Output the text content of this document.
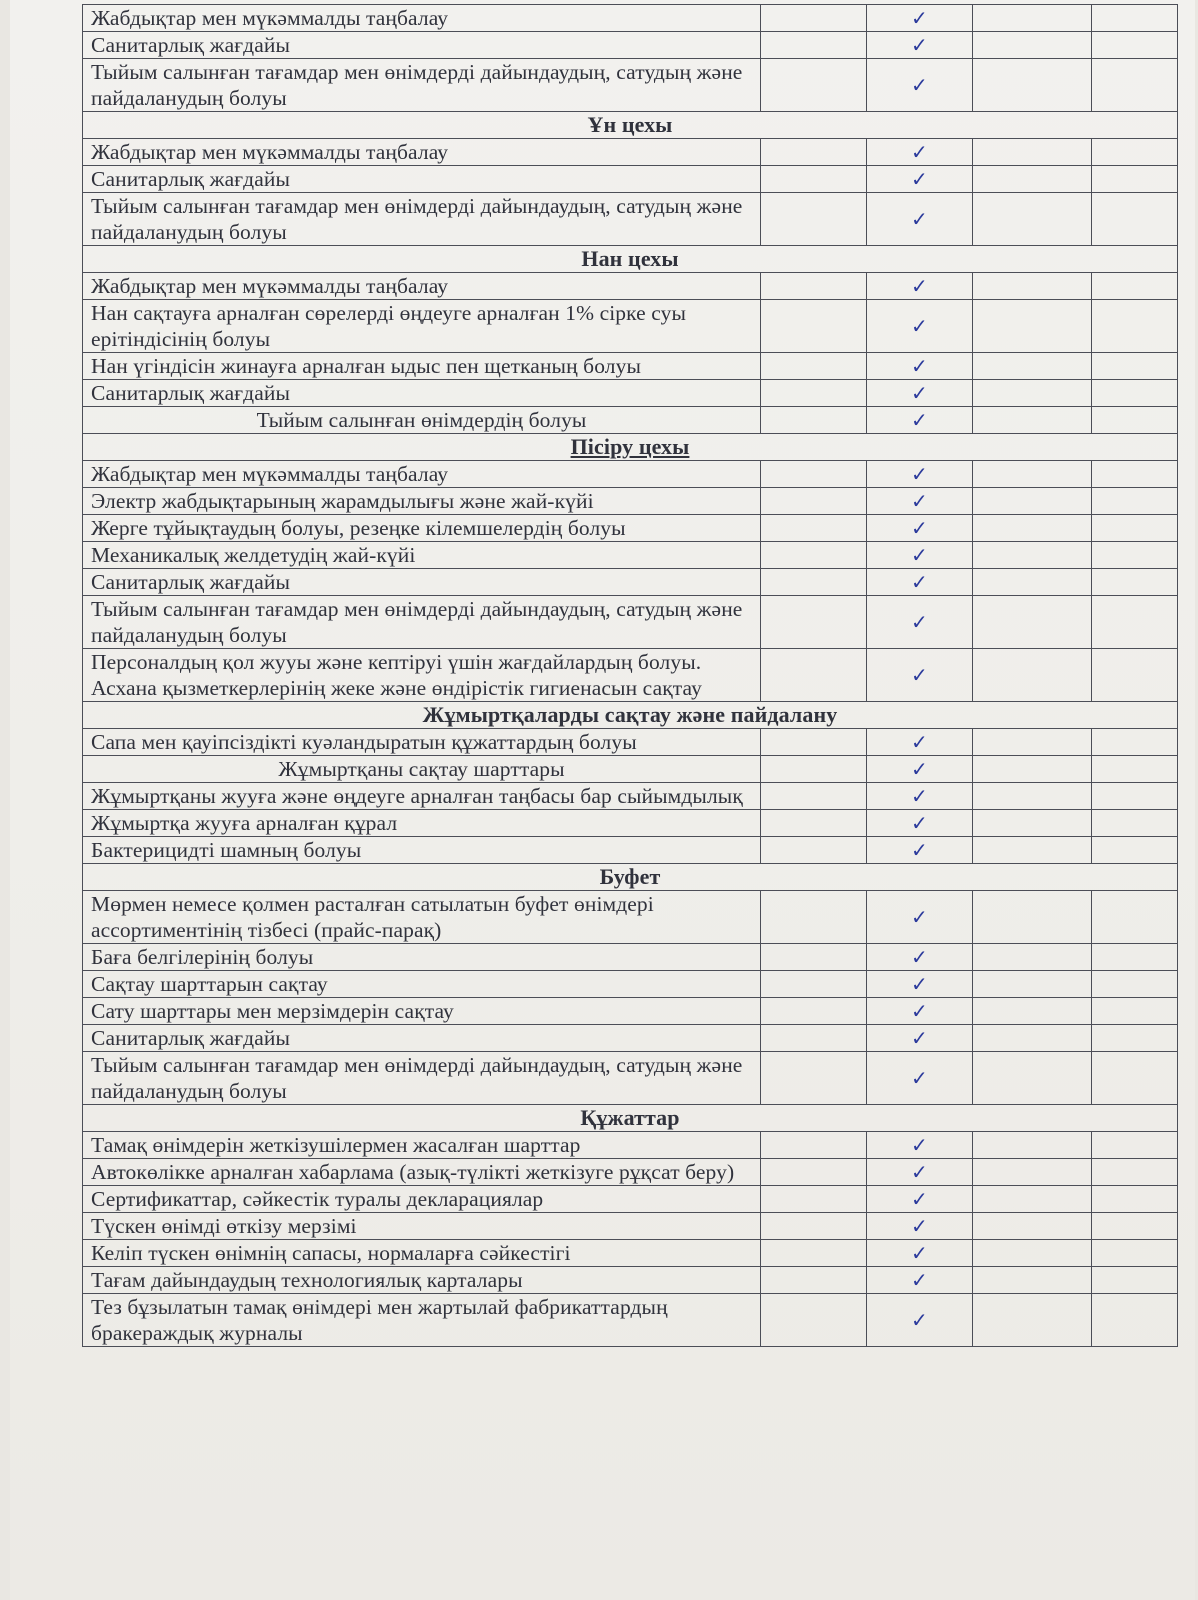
Жабдықтар мен мүкәммалды таңбалау		✓		
Санитарлық жағдайы		✓		
Тыйым салынған тағамдар мен өнімдерді дайындаудың, сатудың және пайдаланудың болуы		✓		
Ұн цехы				
Жабдықтар мен мүкәммалды таңбалау		✓		
Санитарлық жағдайы		✓		
Тыйым салынған тағамдар мен өнімдерді дайындаудың, сатудың және пайдаланудың болуы		✓		
Нан цехы				
Жабдықтар мен мүкәммалды таңбалау		✓		
Нан сақтауға арналған сөрелерді өңдеуге арналған 1% сірке суы ерітіндісінің болуы		✓		
Нан үгіндісін жинауға арналған ыдыс пен щетканың болуы		✓		
Санитарлық жағдайы		✓		
Тыйым салынған өнімдердің болуы		✓		
Пісіру цехы				
Жабдықтар мен мүкәммалды таңбалау		✓		
Электр жабдықтарының жарамдылығы және жай-күйі		✓		
Жерге тұйықтаудың болуы, резеңке кілемшелердің болуы		✓		
Механикалық желдетудің жай-күйі		✓		
Санитарлық жағдайы		✓		
Тыйым салынған тағамдар мен өнімдерді дайындаудың, сатудың және пайдаланудың болуы		✓		
Персоналдың қол жууы және кептіруі үшін жағдайлардың болуы. Асхана қызметкерлерінің жеке және өндірістік гигиенасын сақтау		✓		
Жұмыртқаларды сақтау және пайдалану				
Сапа мен қауіпсіздікті куәландыратын құжаттардың болуы		✓		
Жұмыртқаны сақтау шарттары		✓		
Жұмыртқаны жууға және өңдеуге арналған таңбасы бар сыйымдылық		✓		
Жұмыртқа жууға арналған құрал		✓		
Бактерицидті шамның болуы		✓		
Буфет				
Мөрмен немесе қолмен расталған сатылатын буфет өнімдері ассортиментінің тізбесі (прайс-парақ)		✓		
Баға белгілерінің болуы		✓		
Сақтау шарттарын сақтау		✓		
Сату шарттары мен мерзімдерін сақтау		✓		
Санитарлық жағдайы		✓		
Тыйым салынған тағамдар мен өнімдерді дайындаудың, сатудың және пайдаланудың болуы		✓		
Құжаттар				
Тамақ өнімдерін жеткізушілермен жасалған шарттар		✓		
Автокөлікке арналған хабарлама (азық-түлікті жеткізуге рұқсат беру)		✓		
Сертификаттар, сәйкестік туралы декларациялар		✓		
Түскен өнімді өткізу мерзімі		✓		
Келіп түскен өнімнің сапасы, нормаларға сәйкестігі		✓		
Тағам дайындаудың технологиялық карталары		✓		
Тез бұзылатын тамақ өнімдері мен жартылай фабрикаттардың бракераждық журналы		✓		
